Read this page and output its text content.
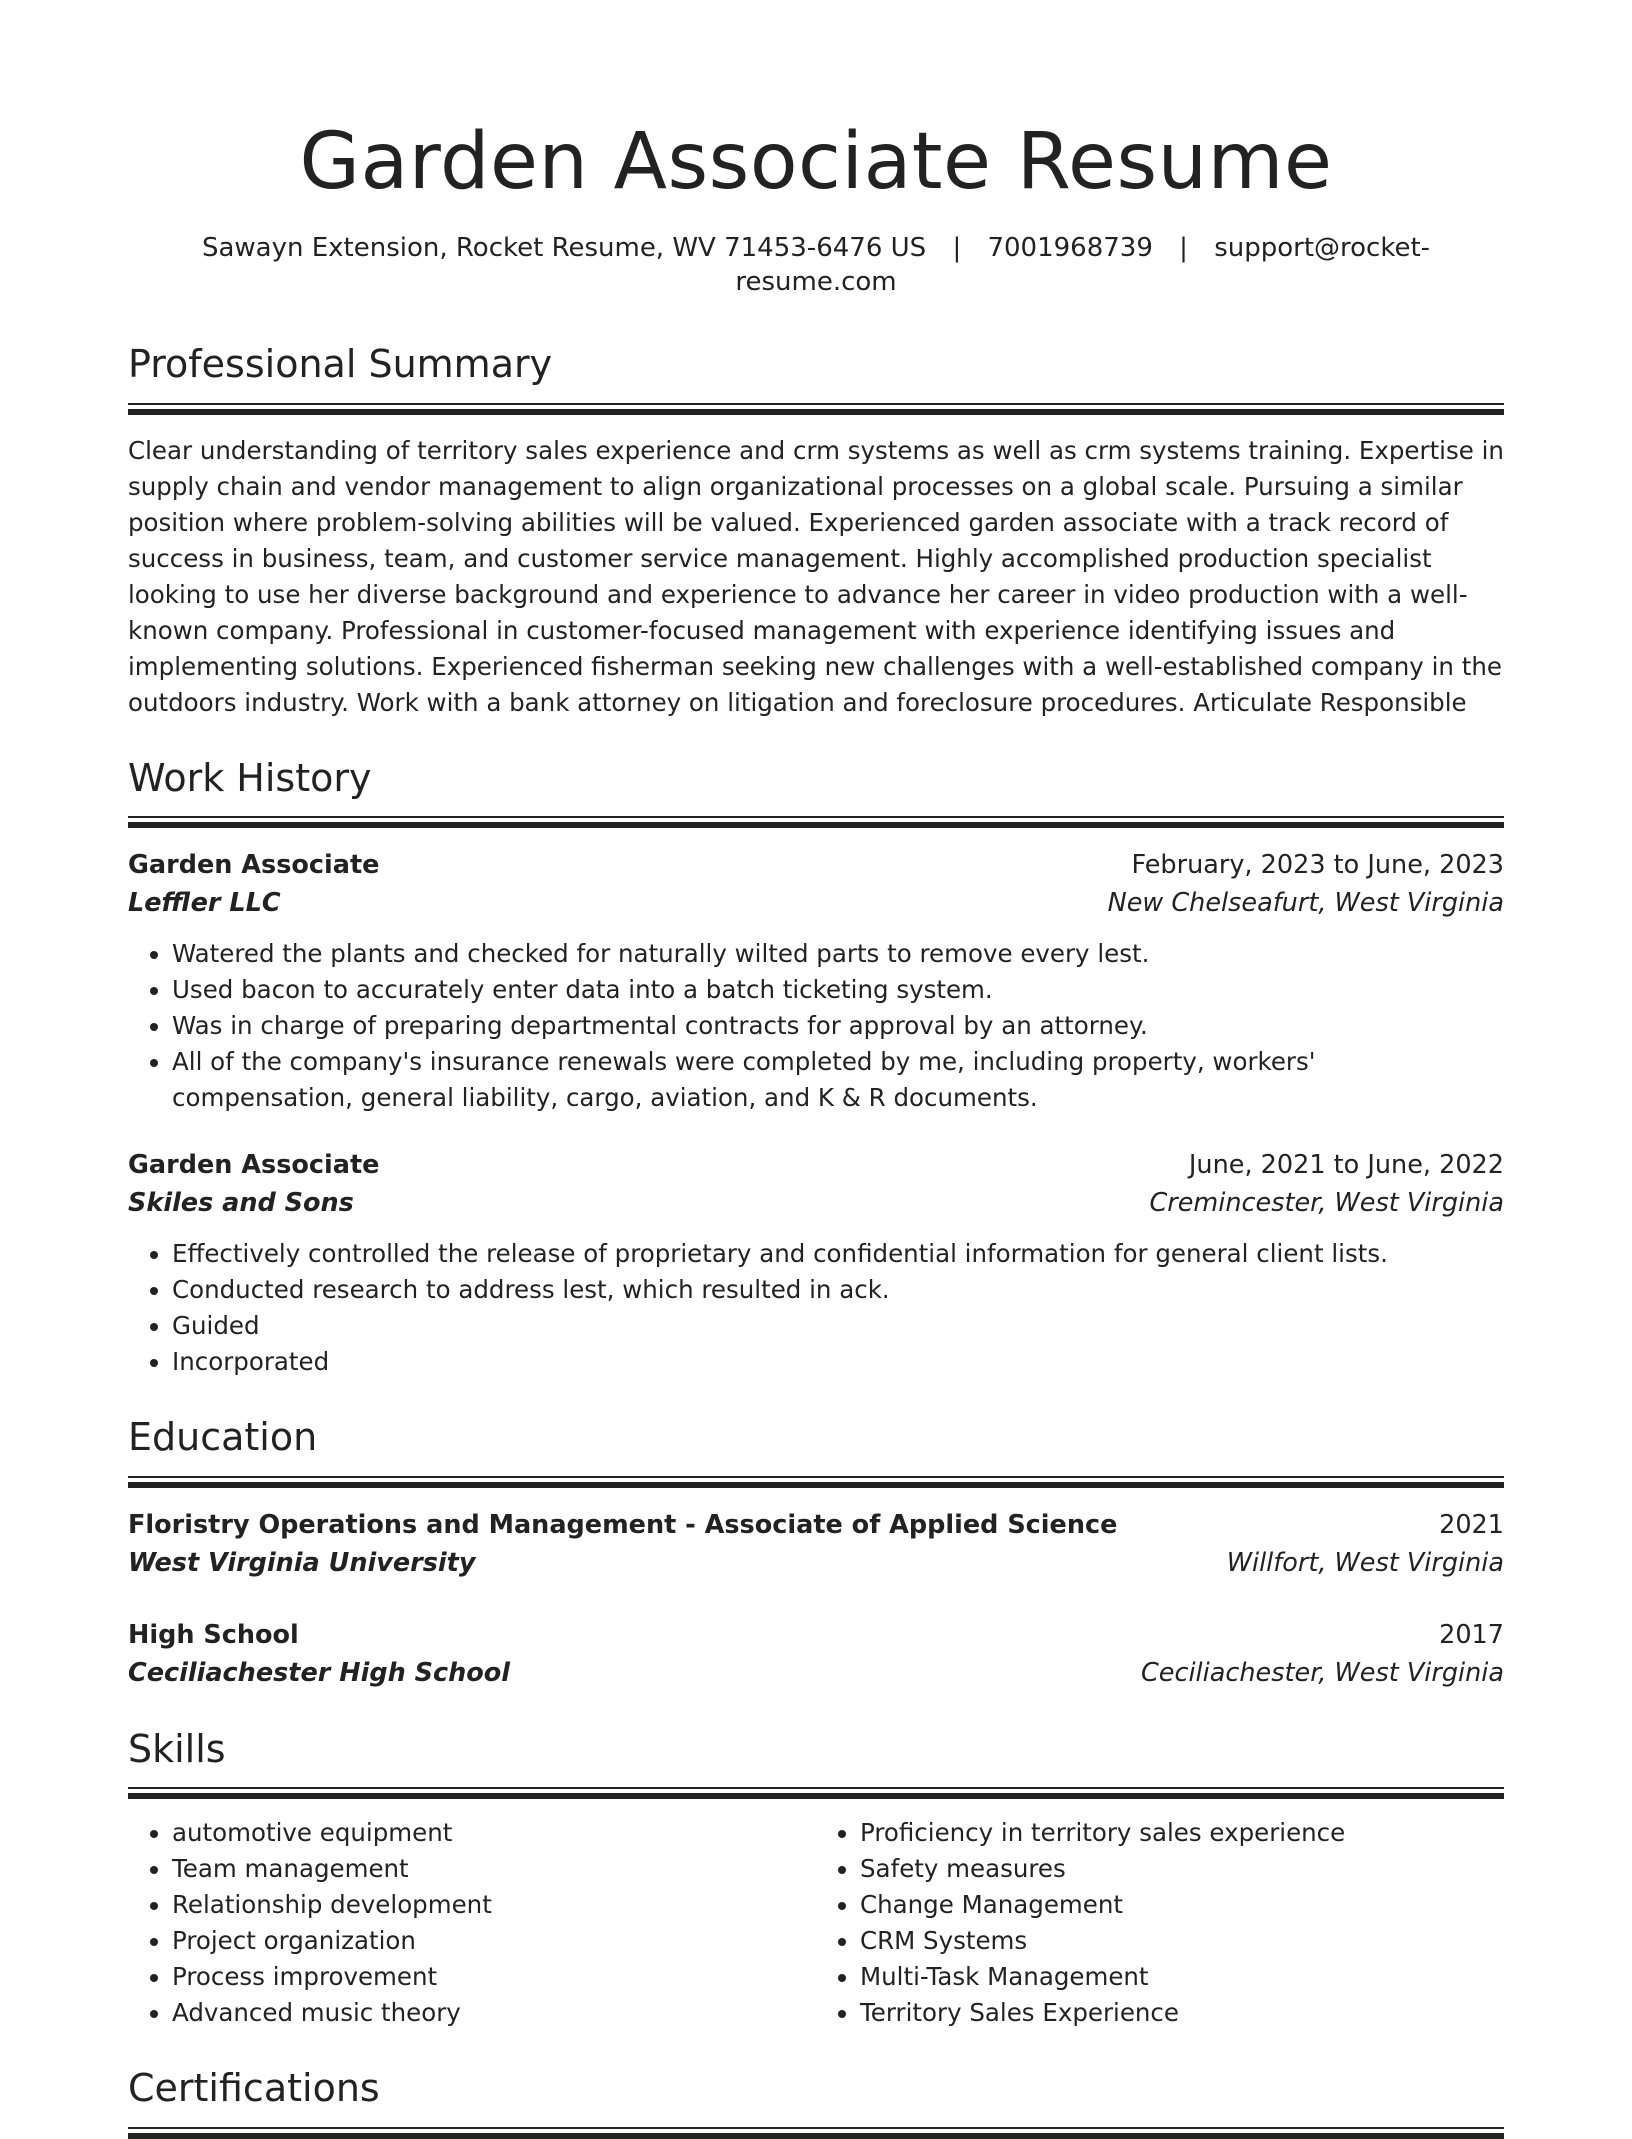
Garden Associate Resume
Sawayn Extension, Rocket Resume, WV 71453-6476 US | 7001968739 | support@rocket-resume.com
Professional Summary

Clear understanding of territory sales experience and crm systems as well as crm systems training. Expertise in supply chain and vendor management to align organizational processes on a global scale. Pursuing a similar position where problem-solving abilities will be valued. Experienced garden associate with a track record of success in business, team, and customer service management. Highly accomplished production specialist looking to use her diverse background and experience to advance her career in video production with a well-known company. Professional in customer-focused management with experience identifying issues and implementing solutions. Experienced fisherman seeking new challenges with a well-established company in the outdoors industry. Work with a bank attorney on litigation and foreclosure procedures. Articulate Responsible

Work History
Garden Associate	February, 2023 to June, 2023
Leffler LLC	New Chelseafurt, West Virginia
• Watered the plants and checked for naturally wilted parts to remove every lest.
• Used bacon to accurately enter data into a batch ticketing system.
• Was in charge of preparing departmental contracts for approval by an attorney.
• All of the company's insurance renewals were completed by me, including property, workers' compensation, general liability, cargo, aviation, and K & R documents.
Garden Associate	June, 2021 to June, 2022
Skiles and Sons	Cremincester, West Virginia
• Effectively controlled the release of proprietary and confidential information for general client lists.
• Conducted research to address lest, which resulted in ack.
• Guided
• Incorporated
Education
Floristry Operations and Management - Associate of Applied Science	2021
West Virginia University	Willfort, West Virginia
High School	2017
Ceciliachester High School	Ceciliachester, West Virginia
Skills
• automotive equipment
• Team management
• Relationship development
• Project organization
• Process improvement
• Advanced music theory
• Proficiency in territory sales experience
• Safety measures
• Change Management
• CRM Systems
• Multi-Task Management
• Territory Sales Experience
Certifications
